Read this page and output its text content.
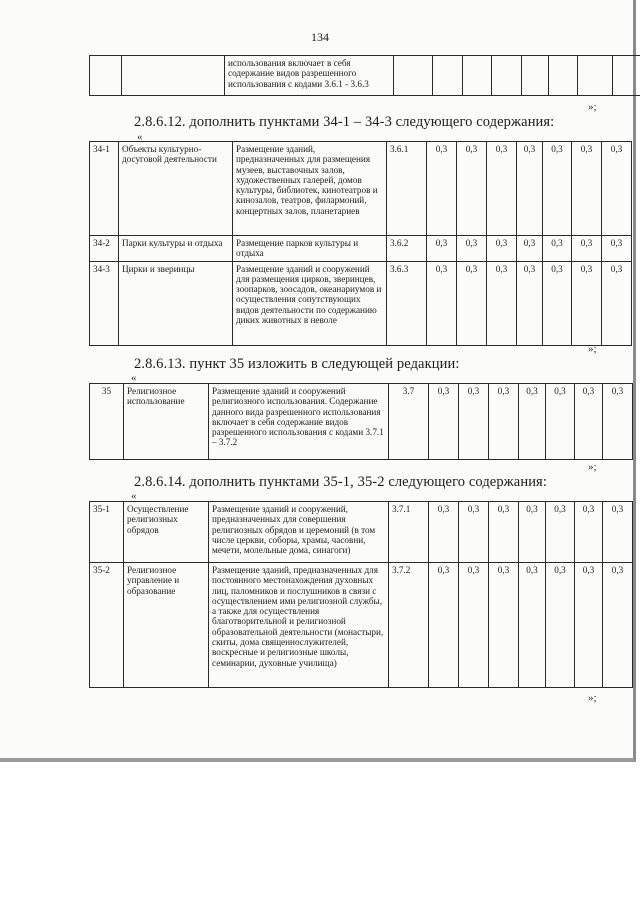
134
		использования включает в себя содержание видов разрешенного использования с кодами 3.6.1 - 3.6.3								
»;
2.8.6.12. дополнить пунктами 34-1 – 34-3 следующего содержания:
«
34-1	Объекты культурно-досуговой деятельности	Размещение зданий, предназначенных для размещения музеев, выставочных залов, художественных галерей, домов культуры, библиотек, кинотеатров и кинозалов, театров, филармоний, концертных залов, планетариев	3.6.1	0,3	0,3	0,3	0,3	0,3	0,3	0,3
34-2	Парки культуры и отдыха	Размещение парков культуры и отдыха	3.6.2	0,3	0,3	0,3	0,3	0,3	0,3	0,3
34-3	Цирки и зверинцы	Размещение зданий и сооружений для размещения цирков, зверинцев, зоопарков, зоосадов, океанариумов и осуществления сопутствующих видов деятельности по содержанию диких животных в неволе	3.6.3	0,3	0,3	0,3	0,3	0,3	0,3	0,3
»;
2.8.6.13. пункт 35 изложить в следующей редакции:
«
35	Религиозное использование	Размещение зданий и сооружений религиозного использования. Содержание данного вида разрешенного использования включает в себя содержание видов разрешенного использования с кодами 3.7.1 – 3.7.2	3.7	0,3	0,3	0,3	0,3	0,3	0,3	0,3
»;
2.8.6.14. дополнить пунктами 35-1, 35-2 следующего содержания:
«
35-1	Осуществление религиозных обрядов	Размещение зданий и сооружений, предназначенных для совершения религиозных обрядов и церемоний (в том числе церкви, соборы, храмы, часовни, мечети, молельные дома, синагоги)	3.7.1	0,3	0,3	0,3	0,3	0,3	0,3	0,3
35-2	Религиозное управление и образование	Размещение зданий, предназначенных для постоянного местонахождения духовных лиц, паломников и послушников в связи с осуществлением ими религиозной службы, а также для осуществления благотворительной и религиозной образовательной деятельности (монастыри, скиты, дома священнослужителей, воскресные и религиозные школы, семинарии, духовные училища)	3.7.2	0,3	0,3	0,3	0,3	0,3	0,3	0,3
»;
